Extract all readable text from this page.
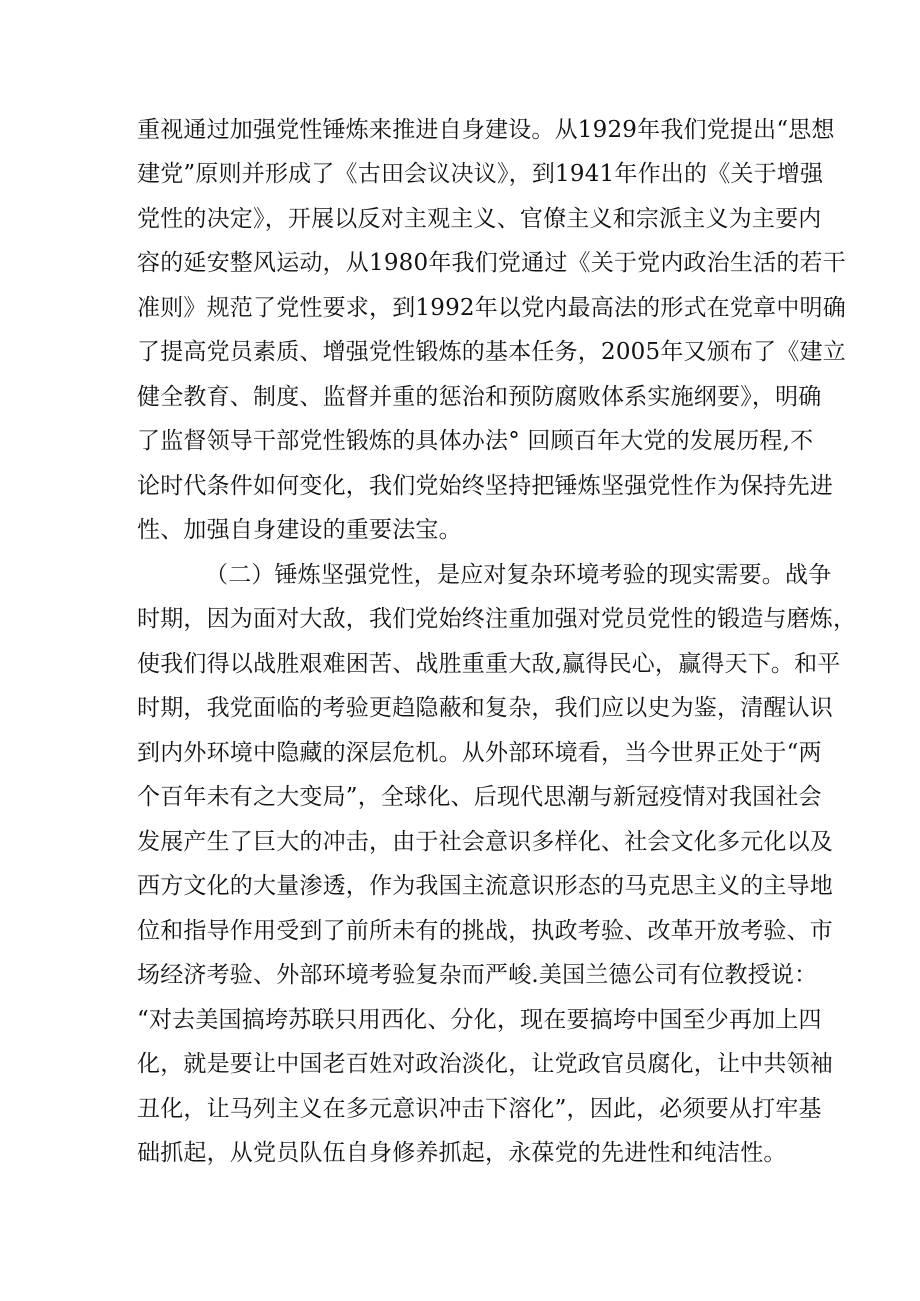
重视通过加强党性锤炼来推进自身建设。从1929年我们党提出“思想
建党”原则并形成了《古田会议决议》，到1941年作出的《关于增强
党性的决定》，开展以反对主观主义、官僚主义和宗派主义为主要内
容的延安整风运动，从1980年我们党通过《关于党内政治生活的若干
准则》规范了党性要求，到1992年以党内最高法的形式在党章中明确
了提高党员素质、增强党性锻炼的基本任务，2005年又颁布了《建立
健全教育、制度、监督并重的惩治和预防腐败体系实施纲要》，明确
了监督领导干部党性锻炼的具体办法° 回顾百年大党的发展历程,不
论时代条件如何变化，我们党始终坚持把锤炼坚强党性作为保持先进
性、加强自身建设的重要法宝。
（二）锤炼坚强党性，是应对复杂环境考验的现实需要。战争
时期，因为面对大敌，我们党始终注重加强对党员党性的锻造与磨炼，
使我们得以战胜艰难困苦、战胜重重大敌,赢得民心，赢得天下。和平
时期，我党面临的考验更趋隐蔽和复杂，我们应以史为鉴，清醒认识
到内外环境中隐藏的深层危机。从外部环境看，当今世界正处于“两
个百年未有之大变局”，全球化、后现代思潮与新冠疫情对我国社会
发展产生了巨大的冲击，由于社会意识多样化、社会文化多元化以及
西方文化的大量渗透，作为我国主流意识形态的马克思主义的主导地
位和指导作用受到了前所未有的挑战，执政考验、改革开放考验、市
场经济考验、外部环境考验复杂而严峻.美国兰德公司有位教授说：
“对去美国搞垮苏联只用西化、分化，现在要搞垮中国至少再加上四
化，就是要让中国老百姓对政治淡化，让党政官员腐化，让中共领袖
丑化，让马列主义在多元意识冲击下溶化”，因此，必须要从打牢基
础抓起，从党员队伍自身修养抓起，永葆党的先进性和纯洁性。
